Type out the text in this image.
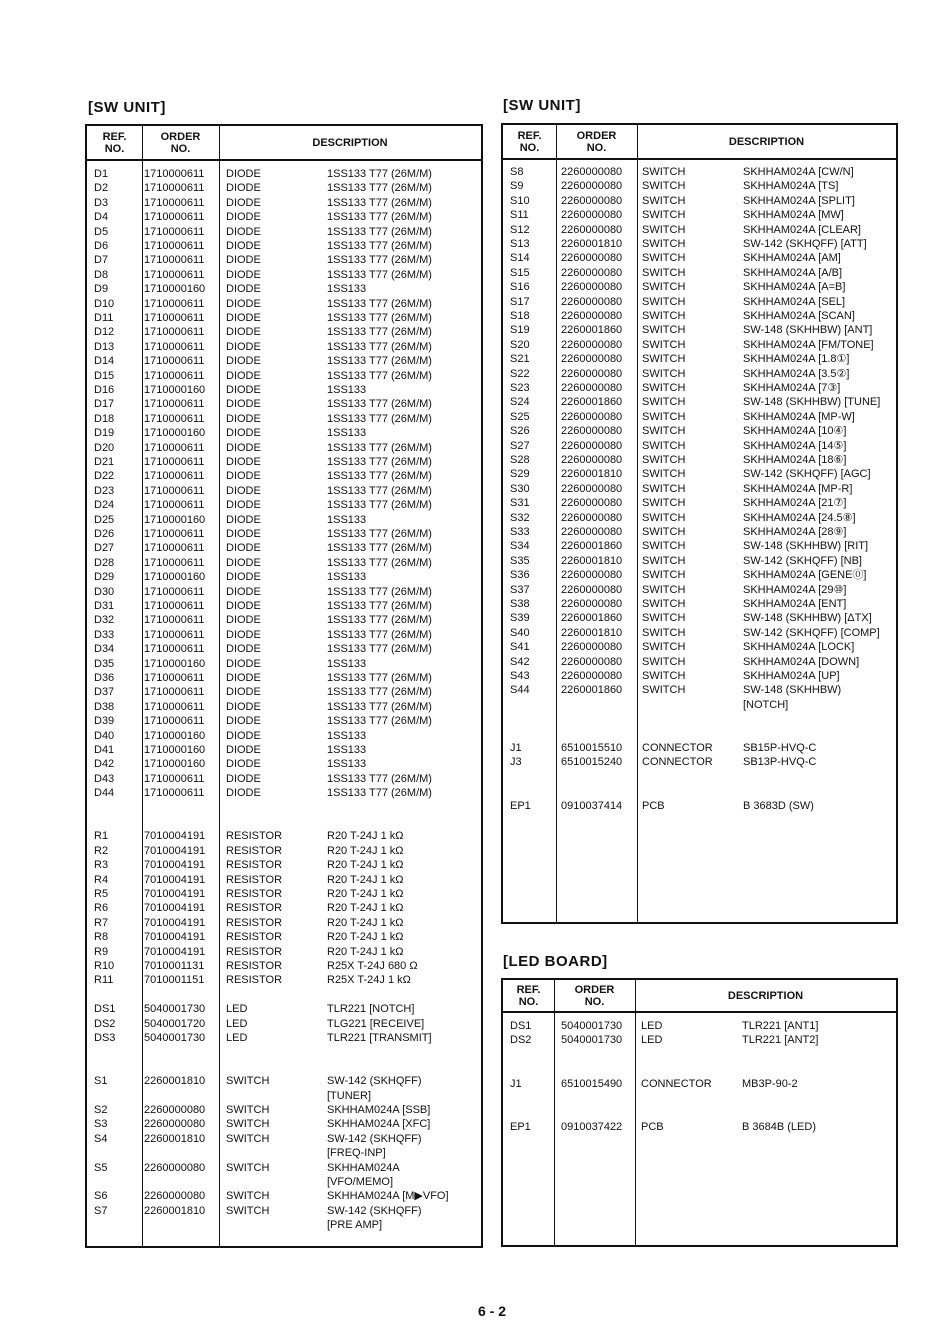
[SW UNIT]
REF.
NO.
ORDER
NO.	DESCRIPTION
D1	1710000611 DIODE	1SS133 T77 (26M/M)
D2	1710000611 DIODE	1SS133 T77 (26M/M)
D3	1710000611 DIODE	1SS133 T77 (26M/M)
D4	1710000611 DIODE	1SS133 T77 (26M/M)
D5	1710000611 DIODE	1SS133 T77 (26M/M)
D6	1710000611 DIODE	1SS133 T77 (26M/M)
D7	1710000611 DIODE	1SS133 T77 (26M/M)
D8	1710000611 DIODE	1SS133 T77 (26M/M)
D9	1710000160 DIODE	1SS133
D10	1710000611 DIODE	1SS133 T77 (26M/M)
D11	1710000611 DIODE	1SS133 T77 (26M/M)
D12	1710000611 DIODE	1SS133 T77 (26M/M)
D13	1710000611 DIODE	1SS133 T77 (26M/M)
D14	1710000611 DIODE	1SS133 T77 (26M/M)
D15	1710000611 DIODE	1SS133 T77 (26M/M)
D16	1710000160 DIODE	1SS133
D17	1710000611 DIODE	1SS133 T77 (26M/M)
D18	1710000611 DIODE	1SS133 T77 (26M/M)
D19	1710000160 DIODE	1SS133
D20	1710000611 DIODE	1SS133 T77 (26M/M)
D21	1710000611 DIODE	1SS133 T77 (26M/M)
D22	1710000611 DIODE	1SS133 T77 (26M/M)
D23	1710000611 DIODE	1SS133 T77 (26M/M)
D24	1710000611 DIODE	1SS133 T77 (26M/M)
D25	1710000160 DIODE	1SS133
D26	1710000611 DIODE	1SS133 T77 (26M/M)
D27	1710000611 DIODE	1SS133 T77 (26M/M)
D28	1710000611 DIODE	1SS133 T77 (26M/M)
D29	1710000160 DIODE	1SS133
D30	1710000611 DIODE	1SS133 T77 (26M/M)
D31	1710000611 DIODE	1SS133 T77 (26M/M)
D32	1710000611 DIODE	1SS133 T77 (26M/M)
D33	1710000611 DIODE	1SS133 T77 (26M/M)
D34	1710000611 DIODE	1SS133 T77 (26M/M)
D35	1710000160 DIODE	1SS133
D36	1710000611 DIODE	1SS133 T77 (26M/M)
D37	1710000611 DIODE	1SS133 T77 (26M/M)
D38	1710000611 DIODE	1SS133 T77 (26M/M)
D39	1710000611 DIODE	1SS133 T77 (26M/M)
D40	1710000160 DIODE	1SS133
D41	1710000160 DIODE	1SS133
D42	1710000160 DIODE	1SS133
D43	1710000611 DIODE	1SS133 T77 (26M/M)
D44	1710000611 DIODE	1SS133 T77 (26M/M)
R1	7010004191 RESISTOR	R20 T-24J 1 kΩ
R2	7010004191 RESISTOR	R20 T-24J 1 kΩ
R3	7010004191 RESISTOR	R20 T-24J 1 kΩ
R4	7010004191 RESISTOR	R20 T-24J 1 kΩ
R5	7010004191 RESISTOR	R20 T-24J 1 kΩ
R6	7010004191 RESISTOR	R20 T-24J 1 kΩ
R7	7010004191 RESISTOR	R20 T-24J 1 kΩ
R8	7010004191 RESISTOR	R20 T-24J 1 kΩ
R9	7010004191 RESISTOR	R20 T-24J 1 kΩ
R10	7010001131 RESISTOR	R25X T-24J 680 Ω
R11	7010001151 RESISTOR	R25X T-24J 1 kΩ
DS1	5040001730 LED	TLR221 [NOTCH]
DS2	5040001720 LED	TLG221 [RECEIVE]
DS3	5040001730 LED	TLR221 [TRANSMIT]
S1	2260001810 SWITCH	SW-142 (SKHQFF)
[TUNER]
S2	2260000080 SWITCH	SKHHAM024A [SSB]
S3	2260000080 SWITCH	SKHHAM024A [XFC]
S4	2260001810 SWITCH	SW-142 (SKHQFF)
[FREQ-INP]
S5	2260000080 SWITCH	SKHHAM024A
[VFO/MEMO]
S6	2260000080 SWITCH	SKHHAM024A [M▶VFO]
S7	2260001810 SWITCH	SW-142 (SKHQFF)
[PRE AMP]
[SW UNIT]
REF.
NO.
ORDER
NO.	DESCRIPTION
S8	2260000080 SWITCH	SKHHAM024A [CW/N]
S9	2260000080 SWITCH	SKHHAM024A [TS]
S10	2260000080 SWITCH	SKHHAM024A [SPLIT]
S11	2260000080 SWITCH	SKHHAM024A [MW]
S12	2260000080 SWITCH	SKHHAM024A [CLEAR]
S13	2260001810 SWITCH	SW-142 (SKHQFF) [ATT]
S14	2260000080 SWITCH	SKHHAM024A [AM]
S15	2260000080 SWITCH	SKHHAM024A [A/B]
S16	2260000080 SWITCH	SKHHAM024A [A=B]
S17	2260000080 SWITCH	SKHHAM024A [SEL]
S18	2260000080 SWITCH	SKHHAM024A [SCAN]
S19	2260001860 SWITCH	SW-148 (SKHHBW) [ANT]
S20	2260000080 SWITCH	SKHHAM024A [FM/TONE]
S21	2260000080 SWITCH	SKHHAM024A [1.8①]
S22	2260000080 SWITCH	SKHHAM024A [3.5②]
S23	2260000080 SWITCH	SKHHAM024A [7③]
S24	2260001860 SWITCH	SW-148 (SKHHBW) [TUNE]
S25	2260000080 SWITCH	SKHHAM024A [MP-W]
S26	2260000080 SWITCH	SKHHAM024A [10④]
S27	2260000080 SWITCH	SKHHAM024A [14⑤]
S28	2260000080 SWITCH	SKHHAM024A [18⑥]
S29	2260001810 SWITCH	SW-142 (SKHQFF) [AGC]
S30	2260000080 SWITCH	SKHHAM024A [MP-R]
S31	2260000080 SWITCH	SKHHAM024A [21⑦]
S32	2260000080 SWITCH	SKHHAM024A [24.5⑧]
S33	2260000080 SWITCH	SKHHAM024A [28⑨]
S34	2260001860 SWITCH	SW-148 (SKHHBW) [RIT]
S35	2260001810 SWITCH	SW-142 (SKHQFF) [NB]
S36	2260000080 SWITCH	SKHHAM024A [GENE⓪]
S37	2260000080 SWITCH	SKHHAM024A [29⑩]
S38	2260000080 SWITCH	SKHHAM024A [ENT]
S39	2260001860 SWITCH	SW-148 (SKHHBW) [ΔTX]
S40	2260001810 SWITCH	SW-142 (SKHQFF) [COMP]
S41	2260000080 SWITCH	SKHHAM024A [LOCK]
S42	2260000080 SWITCH	SKHHAM024A [DOWN]
S43	2260000080 SWITCH	SKHHAM024A [UP]
S44	2260001860 SWITCH	SW-148 (SKHHBW)
[NOTCH]
J1	6510015510 CONNECTOR	SB15P-HVQ-C
J3	6510015240 CONNECTOR	SB13P-HVQ-C
EP1	0910037414 PCB	B 3683D (SW)
[LED BOARD]
REF.
NO.
ORDER
NO.	DESCRIPTION
DS1	5040001730 LED	TLR221 [ANT1]
DS2	5040001730 LED	TLR221 [ANT2]
J1	6510015490 CONNECTOR	MB3P-90-2
EP1	0910037422 PCB	B 3684B (LED)
6 - 2
